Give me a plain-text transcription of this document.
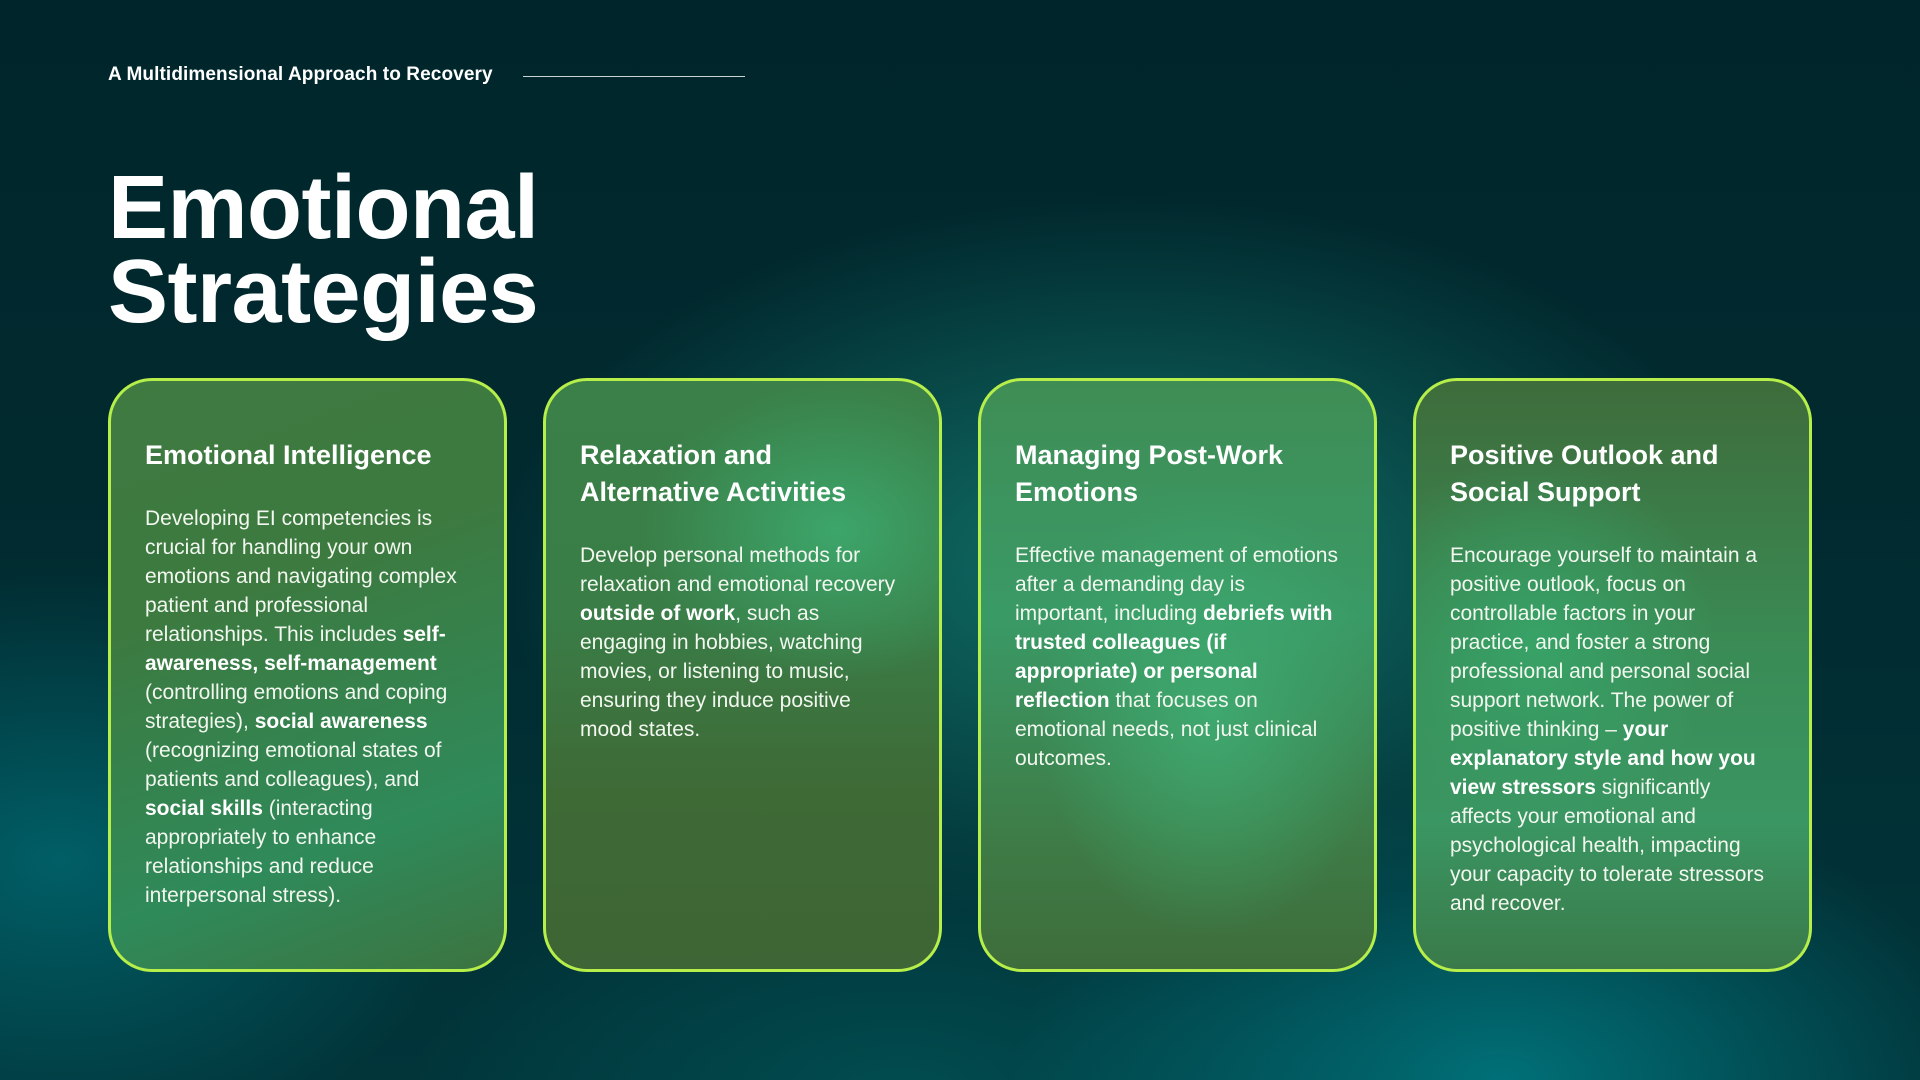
A Multidimensional Approach to Recovery
Emotional
Strategies
Emotional Intelligence

Developing EI competencies is crucial for handling your own emotions and navigating complex patient and professional relationships. This includes self-awareness, self-management (controlling emotions and coping strategies), social awareness (recognizing emotional states of patients and colleagues), and social skills (interacting appropriately to enhance relationships and reduce interpersonal stress).

Relaxation and Alternative Activities

Develop personal methods for relaxation and emotional recovery outside of work, such as engaging in hobbies, watching movies, or listening to music, ensuring they induce positive mood states.

Managing Post-Work Emotions

Effective management of emotions after a demanding day is important, including debriefs with trusted colleagues (if appropriate) or personal reflection that focuses on emotional needs, not just clinical outcomes.

Positive Outlook and Social Support

Encourage yourself to maintain a positive outlook, focus on controllable factors in your practice, and foster a strong professional and personal social support network. The power of positive thinking – your explanatory style and how you view stressors significantly affects your emotional and psychological health, impacting your capacity to tolerate stressors and recover.
